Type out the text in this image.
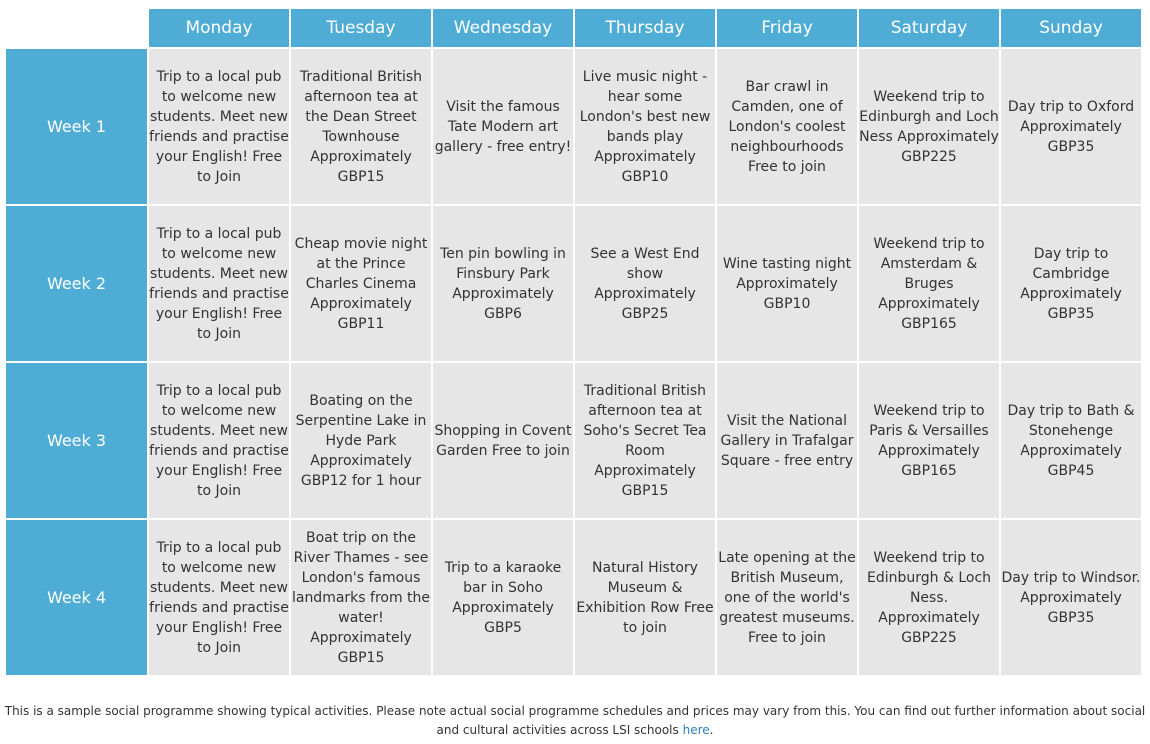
	Monday	Tuesday	Wednesday	Thursday	Friday	Saturday	Sunday
Week 1	Trip to a local pub to welcome new students. Meet new friends and practise your English! Free to Join	Traditional British afternoon tea at the Dean Street Townhouse Approximately GBP15	Visit the famous Tate Modern art gallery - free entry!	Live music night - hear some London's best new bands play Approximately GBP10	Bar crawl in Camden, one of London's coolest neighbourhoods Free to join	Weekend trip to Edinburgh and Loch Ness Approximately GBP225	Day trip to Oxford Approximately GBP35
Week 2	Trip to a local pub to welcome new students. Meet new friends and practise your English! Free to Join	Cheap movie night at the Prince Charles Cinema Approximately GBP11	Ten pin bowling in Finsbury Park Approximately GBP6	See a West End show Approximately GBP25	Wine tasting night Approximately GBP10	Weekend trip to Amsterdam & Bruges Approximately GBP165	Day trip to Cambridge Approximately GBP35
Week 3	Trip to a local pub to welcome new students. Meet new friends and practise your English! Free to Join	Boating on the Serpentine Lake in Hyde Park Approximately GBP12 for 1 hour	Shopping in Covent Garden Free to join	Traditional British afternoon tea at Soho's Secret Tea Room Approximately GBP15	Visit the National Gallery in Trafalgar Square - free entry	Weekend trip to Paris & Versailles Approximately GBP165	Day trip to Bath & Stonehenge Approximately GBP45
Week 4	Trip to a local pub to welcome new students. Meet new friends and practise your English! Free to Join	Boat trip on the River Thames - see London's famous landmarks from the water! Approximately GBP15	Trip to a karaoke bar in Soho Approximately GBP5	Natural History Museum & Exhibition Row Free to join	Late opening at the British Museum, one of the world's greatest museums. Free to join	Weekend trip to Edinburgh & Loch Ness. Approximately GBP225	Day trip to Windsor. Approximately GBP35

This is a sample social programme showing typical activities. Please note actual social programme schedules and prices may vary from this. You can find out further information about social and cultural activities across LSI schools here.
